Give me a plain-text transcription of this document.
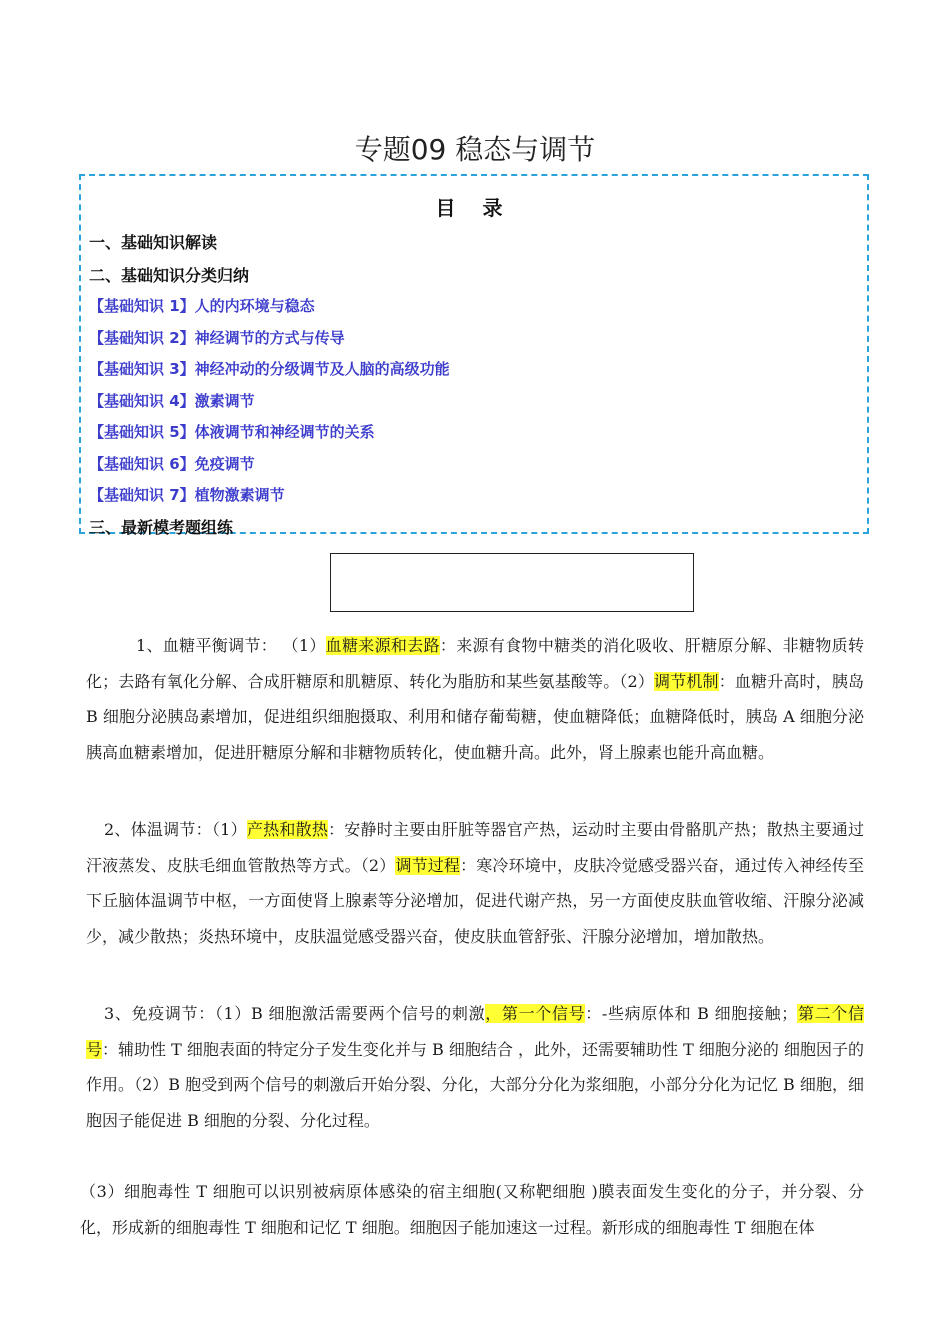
专题09 稳态与调节
目 录
一、基础知识解读
二、基础知识分类归纳
【基础知识 1】人的内环境与稳态
【基础知识 2】神经调节的方式与传导
【基础知识 3】神经冲动的分级调节及人脑的高级功能
【基础知识 4】激素调节
【基础知识 5】体液调节和神经调节的关系
【基础知识 6】免疫调节
【基础知识 7】植物激素调节
三、最新模考题组练
1、血糖平衡调节： （1）血糖来源和去路：来源有食物中糖类的消化吸收、肝糖原分解、非糖物质转化；去路有氧化分解、合成肝糖原和肌糖原、转化为脂肪和某些氨基酸等。（2）调节机制：血糖升高时，胰岛 B 细胞分泌胰岛素增加，促进组织细胞摄取、利用和储存葡萄糖，使血糖降低；血糖降低时，胰岛 A 细胞分泌胰高血糖素增加，促进肝糖原分解和非糖物质转化，使血糖升高。此外，肾上腺素也能升高血糖。
2、体温调节：（1）产热和散热：安静时主要由肝脏等器官产热，运动时主要由骨骼肌产热；散热主要通过汗液蒸发、皮肤毛细血管散热等方式。（2）调节过程：寒冷环境中，皮肤冷觉感受器兴奋，通过传入神经传至下丘脑体温调节中枢，一方面使肾上腺素等分泌增加，促进代谢产热，另一方面使皮肤血管收缩、汗腺分泌减少，减少散热；炎热环境中，皮肤温觉感受器兴奋，使皮肤血管舒张、汗腺分泌增加，增加散热。
3、免疫调节：（1）B 细胞激活需要两个信号的刺激，第一个信号：-些病原体和 B 细胞接触；第二个信号：辅助性 T 细胞表面的特定分子发生变化并与 B 细胞结合 ，此外，还需要辅助性 T 细胞分泌的 细胞因子的作用。（2）B 胞受到两个信号的刺激后开始分裂、分化，大部分分化为浆细胞，小部分分化为记忆 B 细胞，细胞因子能促进 B 细胞的分裂、分化过程。
（3）细胞毒性 T 细胞可以识别被病原体感染的宿主细胞(又称靶细胞 )膜表面发生变化的分子，并分裂、分化，形成新的细胞毒性 T 细胞和记忆 T 细胞。细胞因子能加速这一过程。新形成的细胞毒性 T 细胞在体
